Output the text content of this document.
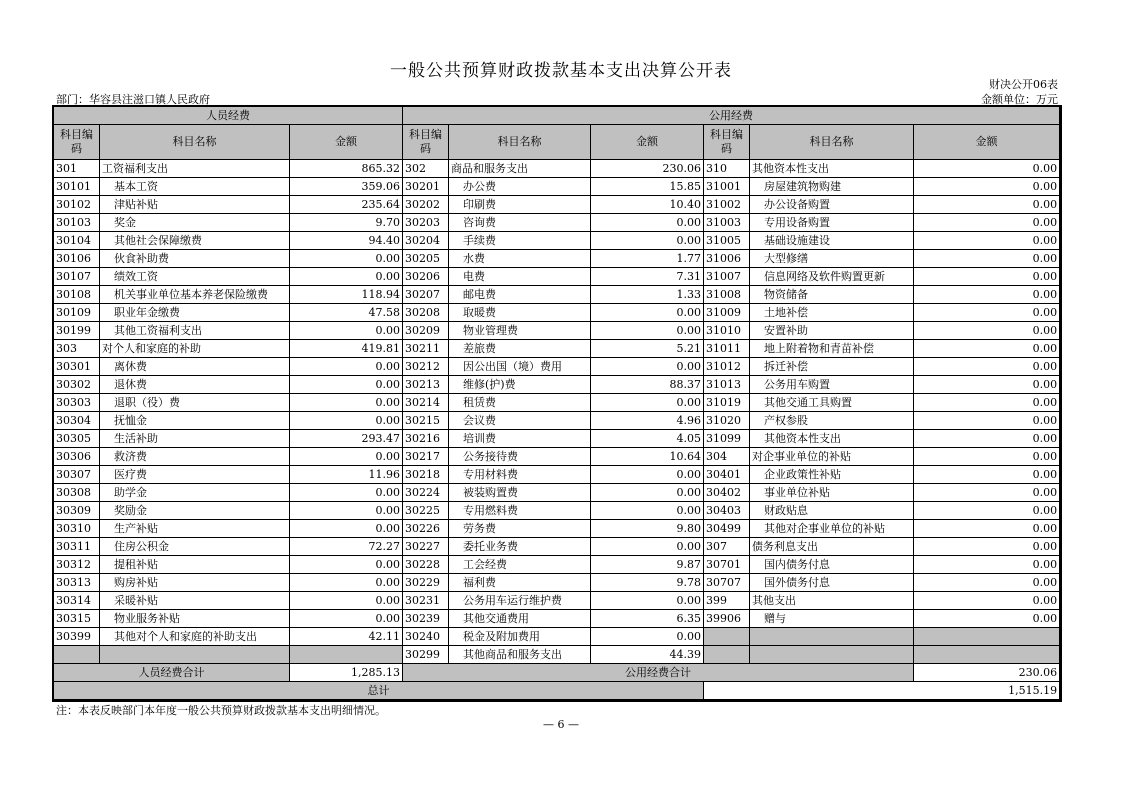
一般公共预算财政拨款基本支出决算公开表
财决公开06表
部门：华容县注滋口镇人民政府	金额单位：万元
人员经费			公用经费					
科目编码	科目名称	金额	科目编码	科目名称	金额	科目编码	科目名称	金额
301	工资福利支出	865.32	302	商品和服务支出	230.06	310	其他资本性支出	0.00
30101	基本工资	359.06	30201	办公费	15.85	31001	房屋建筑物购建	0.00
30102	津贴补贴	235.64	30202	印刷费	10.40	31002	办公设备购置	0.00
30103	奖金	9.70	30203	咨询费	0.00	31003	专用设备购置	0.00
30104	其他社会保障缴费	94.40	30204	手续费	0.00	31005	基础设施建设	0.00
30106	伙食补助费	0.00	30205	水费	1.77	31006	大型修缮	0.00
30107	绩效工资	0.00	30206	电费	7.31	31007	信息网络及软件购置更新	0.00
30108	机关事业单位基本养老保险缴费	118.94	30207	邮电费	1.33	31008	物资储备	0.00
30109	职业年金缴费	47.58	30208	取暖费	0.00	31009	土地补偿	0.00
30199	其他工资福利支出	0.00	30209	物业管理费	0.00	31010	安置补助	0.00
303	对个人和家庭的补助	419.81	30211	差旅费	5.21	31011	地上附着物和青苗补偿	0.00
30301	离休费	0.00	30212	因公出国（境）费用	0.00	31012	拆迁补偿	0.00
30302	退休费	0.00	30213	维修(护)费	88.37	31013	公务用车购置	0.00
30303	退职（役）费	0.00	30214	租赁费	0.00	31019	其他交通工具购置	0.00
30304	抚恤金	0.00	30215	会议费	4.96	31020	产权参股	0.00
30305	生活补助	293.47	30216	培训费	4.05	31099	其他资本性支出	0.00
30306	救济费	0.00	30217	公务接待费	10.64	304	对企事业单位的补贴	0.00
30307	医疗费	11.96	30218	专用材料费	0.00	30401	企业政策性补贴	0.00
30308	助学金	0.00	30224	被装购置费	0.00	30402	事业单位补贴	0.00
30309	奖励金	0.00	30225	专用燃料费	0.00	30403	财政贴息	0.00
30310	生产补贴	0.00	30226	劳务费	9.80	30499	其他对企事业单位的补贴	0.00
30311	住房公积金	72.27	30227	委托业务费	0.00	307	债务利息支出	0.00
30312	提租补贴	0.00	30228	工会经费	9.87	30701	国内债务付息	0.00
30313	购房补贴	0.00	30229	福利费	9.78	30707	国外债务付息	0.00
30314	采暖补贴	0.00	30231	公务用车运行维护费	0.00	399	其他支出	0.00
30315	物业服务补贴	0.00	30239	其他交通费用	6.35	39906	赠与	0.00
30399	其他对个人和家庭的补助支出	42.11	30240	税金及附加费用	0.00			
			30299	其他商品和服务支出	44.39			
人员经费合计		1,285.13	公用经费合计					230.06
总计						1,515.19		
注：本表反映部门本年度一般公共预算财政拨款基本支出明细情况。
— 6 —
